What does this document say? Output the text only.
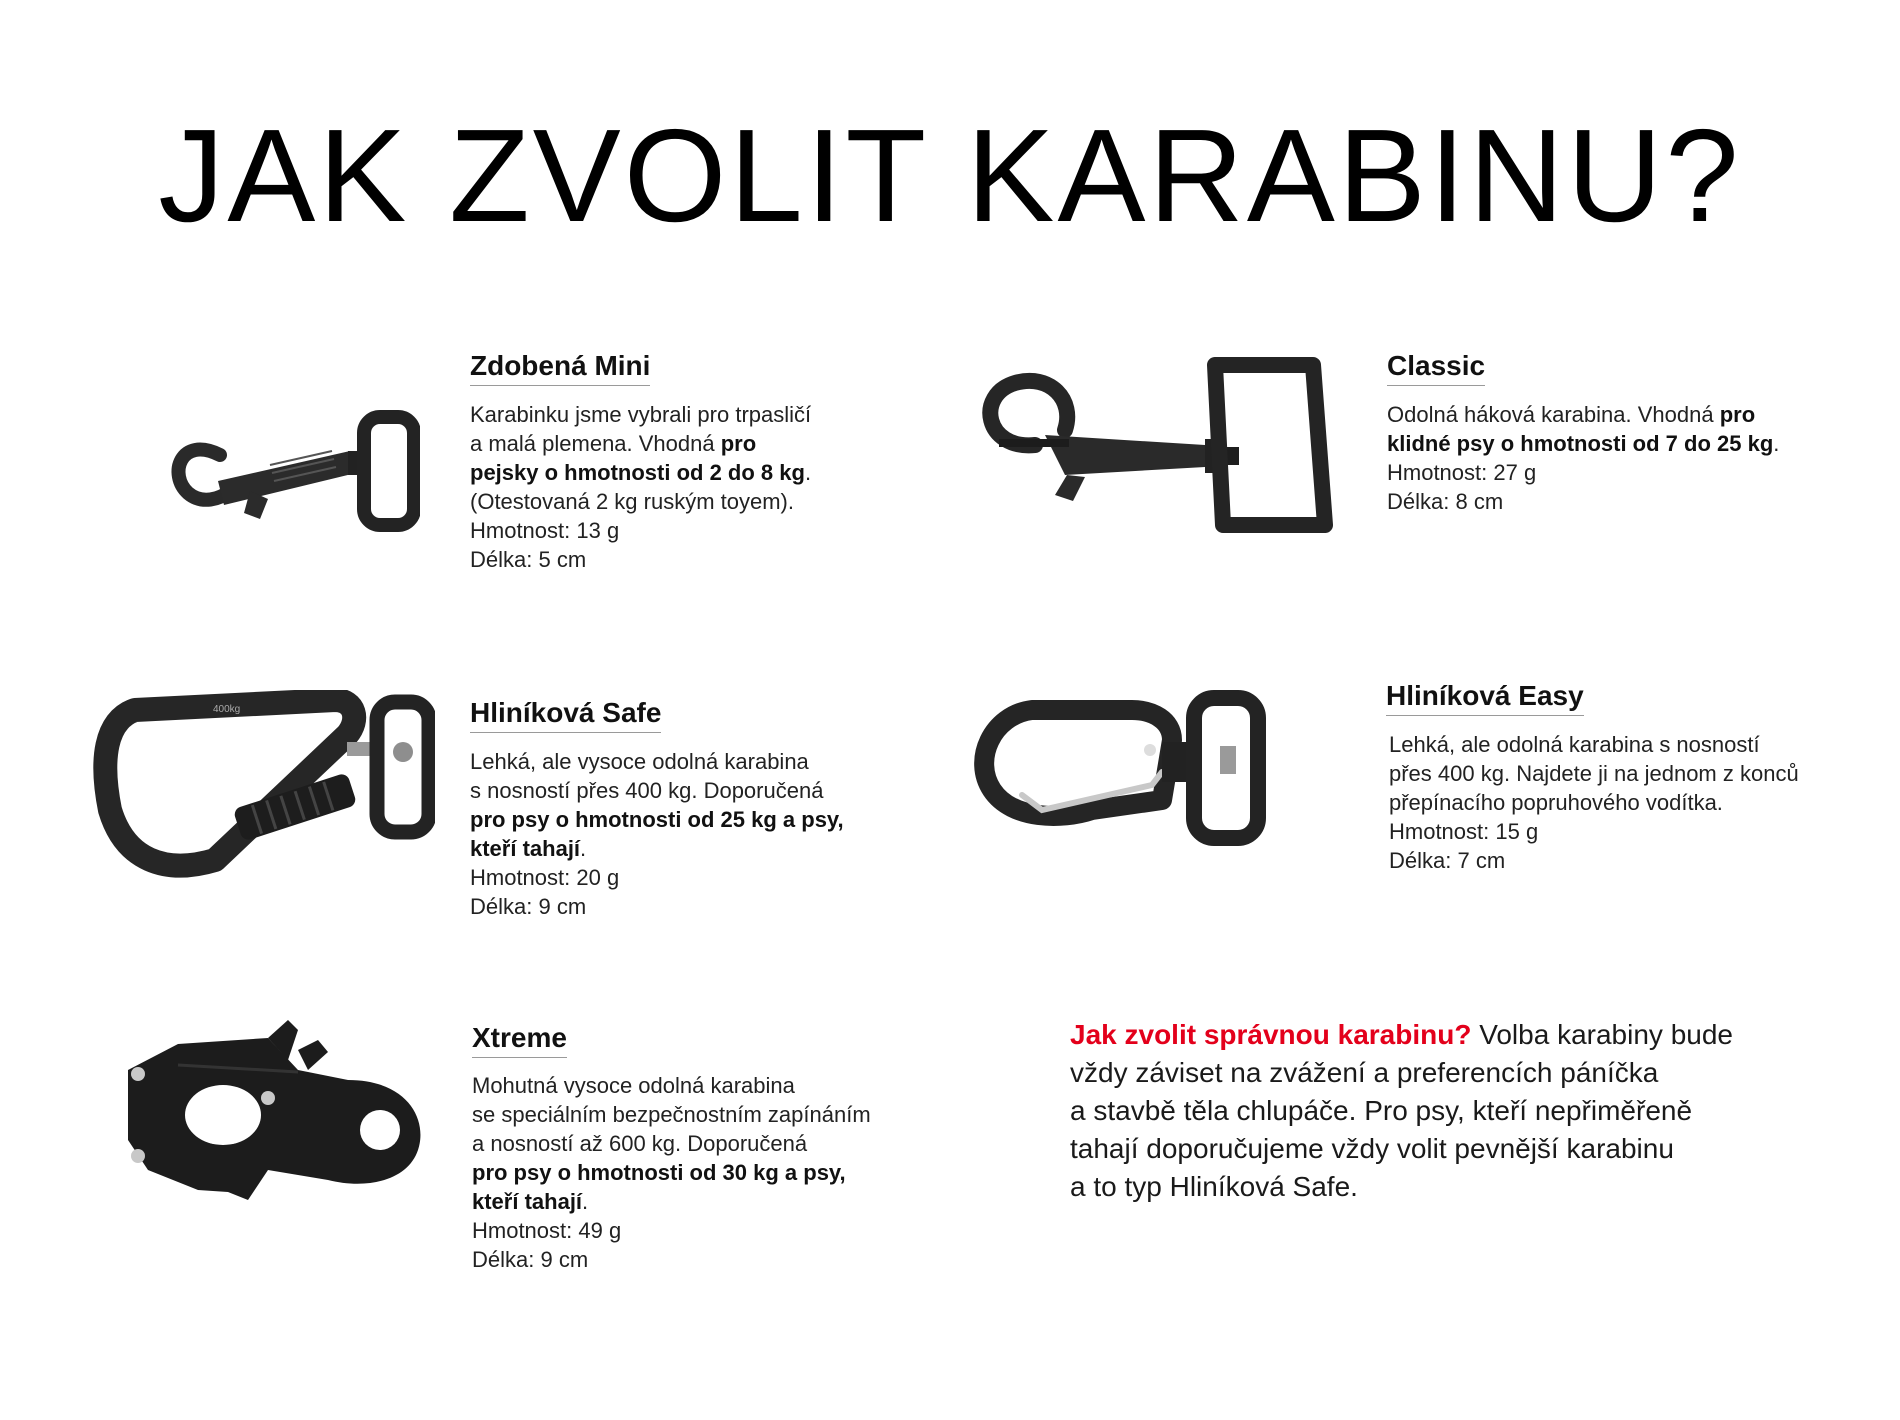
JAK ZVOLIT KARABINU?
Zdobená Mini
Karabinku jsme vybrali pro trpasličí
a malá plemena. Vhodná pro
pejsky o hmotnosti od 2 do 8 kg.
(Otestovaná 2 kg ruským toyem).
Hmotnost: 13 g
Délka: 5 cm
Classic
Odolná háková karabina. Vhodná pro
klidné psy o hmotnosti od 7 do 25 kg.
Hmotnost: 27 g
Délka: 8 cm
400kg	Hliníková Safe
Lehká, ale vysoce odolná karabina
s nosností přes 400 kg. Doporučená
pro psy o hmotnosti od 25 kg a psy,
kteří tahají.
Hmotnost: 20 g
Délka: 9 cm
Hliníková Easy
Lehká, ale odolná karabina s nosností
přes 400 kg. Najdete ji na jednom z konců
přepínacího popruhového vodítka.
Hmotnost: 15 g
Délka: 7 cm
Xtreme
Mohutná vysoce odolná karabina
se speciálním bezpečnostním zapínáním
a nosností až 600 kg. Doporučená
pro psy o hmotnosti od 30 kg a psy,
kteří tahají.
Hmotnost: 49 g
Délka: 9 cm
Jak zvolit správnou karabinu? Volba karabiny bude
vždy záviset na zvážení a preferencích páníčka
a stavbě těla chlupáče. Pro psy, kteří nepřiměřeně
tahají doporučujeme vždy volit pevnější karabinu
a to typ Hliníková Safe.
